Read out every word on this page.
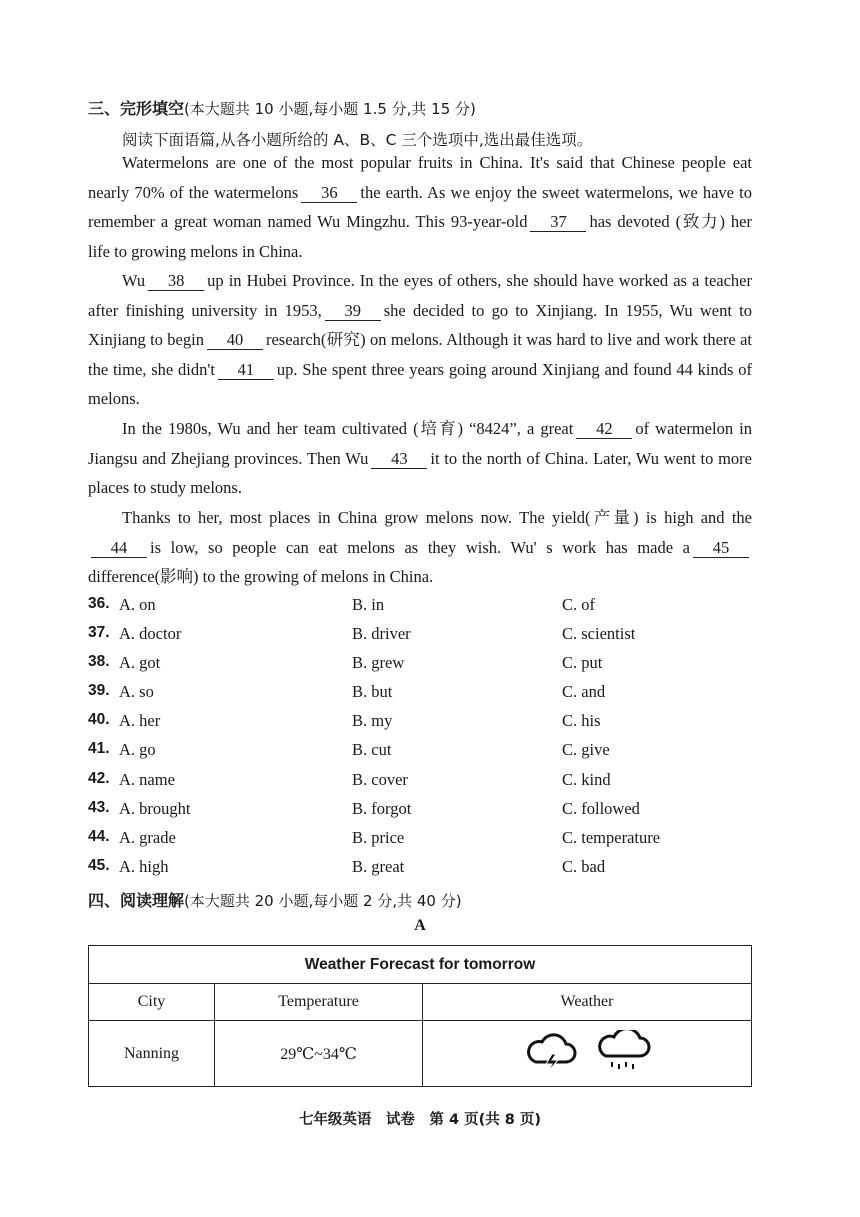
三、完形填空(本大题共 10 小题,每小题 1.5 分,共 15 分)
阅读下面语篇,从各小题所给的 A、B、C 三个选项中,选出最佳选项。
Watermelons are one of the most popular fruits in China. It's said that Chinese people eat nearly 70% of the watermelons 36 the earth. As we enjoy the sweet watermelons, we have to remember a great woman named Wu Mingzhu. This 93-year-old 37 has devoted (致力) her life to growing melons in China.
Wu 38 up in Hubei Province. In the eyes of others, she should have worked as a teacher after finishing university in 1953, 39 she decided to go to Xinjiang. In 1955, Wu went to Xinjiang to begin 40 research(研究) on melons. Although it was hard to live and work there at the time, she didn't 41 up. She spent three years going around Xinjiang and found 44 kinds of melons.
In the 1980s, Wu and her team cultivated (培育) “8424”, a great 42 of watermelon in Jiangsu and Zhejiang provinces. Then Wu 43 it to the north of China. Later, Wu went to more places to study melons.
Thanks to her, most places in China grow melons now. The yield(产量) is high and the44 is low, so people can eat melons as they wish. Wu' s work has made a 45difference(影响) to the growing of melons in China.
36. A. on	B. in	C. of
37. A. doctor	B. driver	C. scientist
38. A. got	B. grew	C. put
39. A. so	B. but	C. and
40. A. her	B. my	C. his
41. A. go	B. cut	C. give
42. A. name	B. cover	C. kind
43. A. brought	B. forgot	C. followed
44. A. grade	B. price	C. temperature
45. A. high	B. great	C. bad
四、阅读理解(本大题共 20 小题,每小题 2 分,共 40 分)
A
Weather Forecast for tomorrow		
City	Temperature	Weather
Nanning	29℃~34℃	
七年级英语　试卷　第 4 页(共 8 页)
